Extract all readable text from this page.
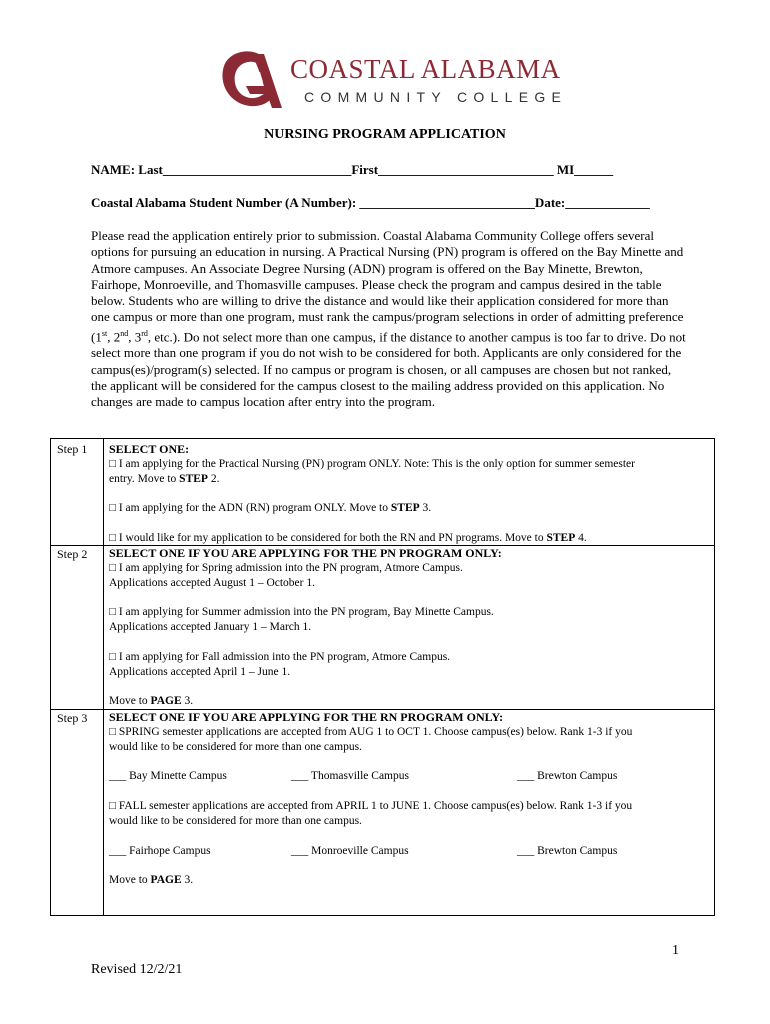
COASTAL ALABAMA
COMMUNITY COLLEGE
NURSING PROGRAM APPLICATION
NAME: Last_____________________________First___________________________ MI______
Coastal Alabama Student Number (A Number): ___________________________Date:_____________
Please read the application entirely prior to submission. Coastal Alabama Community College offers several options for pursuing an education in nursing. A Practical Nursing (PN) program is offered on the Bay Minette and Atmore campuses. An Associate Degree Nursing (ADN) program is offered on the Bay Minette, Brewton, Fairhope, Monroeville, and Thomasville campuses. Please check the program and campus desired in the table below. Students who are willing to drive the distance and would like their application considered for more than one campus or more than one program, must rank the campus/program selections in order of admitting preference (1st, 2nd, 3rd, etc.). Do not select more than one campus, if the distance to another campus is too far to drive. Do not select more than one program if you do not wish to be considered for both. Applicants are only considered for the campus(es)/program(s) selected. If no campus or program is chosen, or all campuses are chosen but not ranked, the applicant will be considered for the campus closest to the mailing address provided on this application. No changes are made to campus location after entry into the program.
Step 1 SELECT ONE:
□ I am applying for the Practical Nursing (PN) program ONLY. Note: This is the only option for summer semester
entry. Move to STEP 2.
□ I am applying for the ADN (RN) program ONLY. Move to STEP 3.
□ I would like for my application to be considered for both the RN and PN programs. Move to STEP 4.
Step 2 SELECT ONE IF YOU ARE APPLYING FOR THE PN PROGRAM ONLY:
□ I am applying for Spring admission into the PN program, Atmore Campus.
Applications accepted August 1 – October 1.
□ I am applying for Summer admission into the PN program, Bay Minette Campus.
Applications accepted January 1 – March 1.
□ I am applying for Fall admission into the PN program, Atmore Campus.
Applications accepted April 1 – June 1.
Move to PAGE 3.
Step 3 SELECT ONE IF YOU ARE APPLYING FOR THE RN PROGRAM ONLY:
□ SPRING semester applications are accepted from AUG 1 to OCT 1. Choose campus(es) below. Rank 1-3 if you
would like to be considered for more than one campus.
___ Bay Minette Campus	___ Thomasville Campus	___ Brewton Campus
□ FALL semester applications are accepted from APRIL 1 to JUNE 1. Choose campus(es) below. Rank 1-3 if you
would like to be considered for more than one campus.
___ Fairhope Campus	___ Monroeville Campus	___ Brewton Campus
Move to PAGE 3.
1
Revised 12/2/21
